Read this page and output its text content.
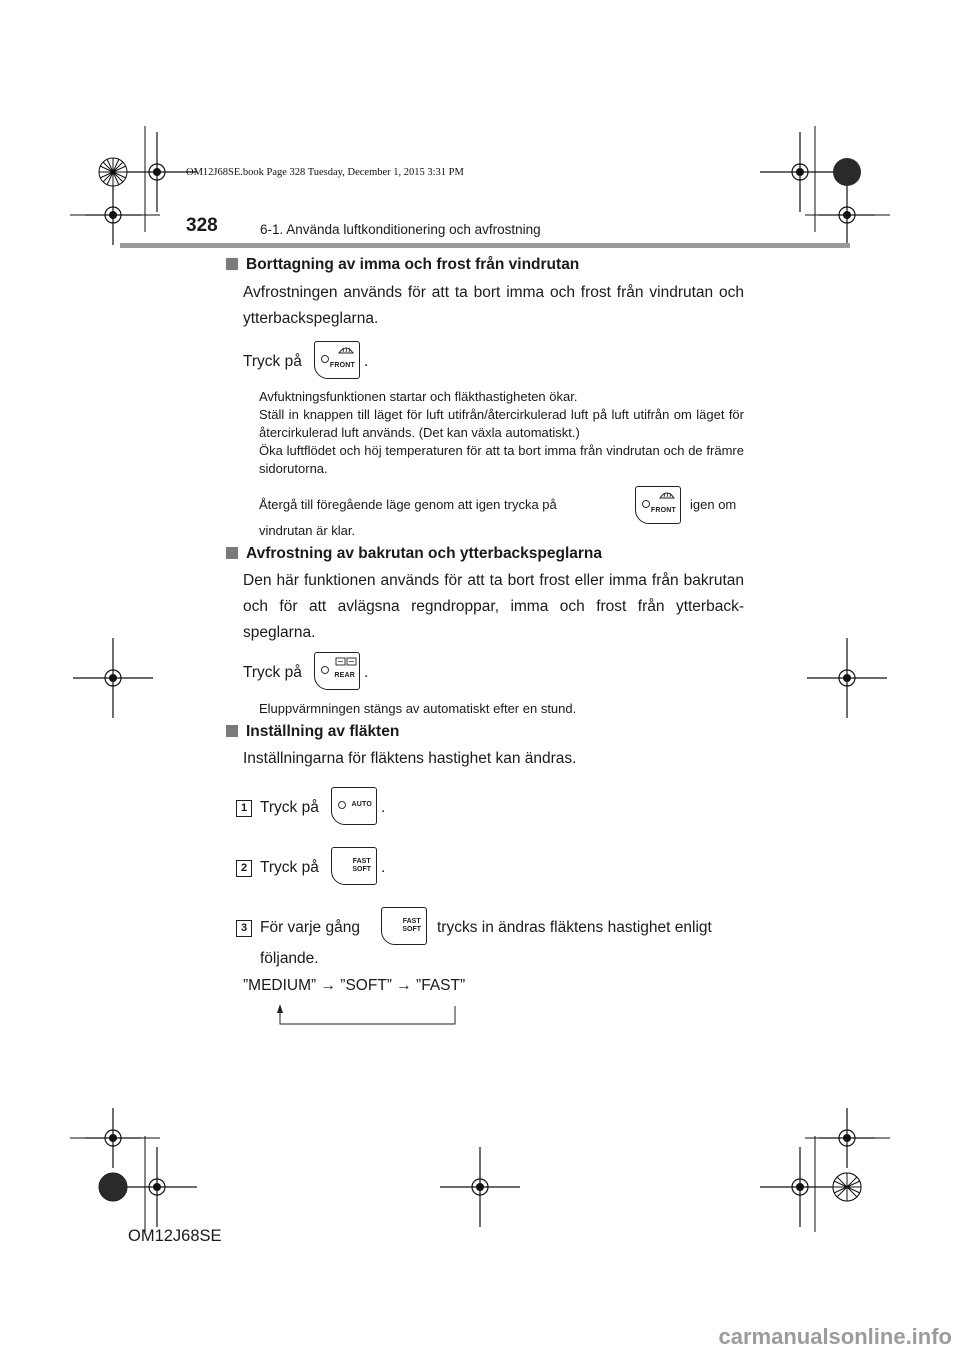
OM12J68SE.book Page 328 Tuesday, December 1, 2015 3:31 PM
328	6-1. Använda luftkonditionering och avfrostning
Borttagning av imma och frost från vindrutan
Avfrostningen används för att ta bort imma och frost från vindrutan och ytterbackspeglarna.
Tryck på	FRONT .
Avfuktningsfunktionen startar och fläkthastigheten ökar.
Ställ in knappen till läget för luft utifrån/återcirkulerad luft på luft utifrån om läget för återcirkulerad luft används. (Det kan växla automatiskt.)
Öka luftflödet och höj temperaturen för att ta bort imma från vindrutan och de främre sidorutorna.
Återgå till föregående läge genom att igen trycka på	FRONT igen om
vindrutan är klar.
Avfrostning av bakrutan och ytterbackspeglarna
Den här funktionen används för att ta bort frost eller imma från bakrutan och för att avlägsna regndroppar, imma och frost från ytterback-speglarna.
Tryck på	REAR .
Eluppvärmningen stängs av automatiskt efter en stund.
Inställning av fläkten
Inställningarna för fläktens hastighet kan ändras.
1 Tryck på	AUTO .
2 Tryck på	FAST
SOFT .
3 För varje gång	FAST
SOFT trycks in ändras fläktens hastighet enligt
följande.
”MEDIUM” → ”SOFT” → ”FAST”
OM12J68SE
carmanualsonline.info
